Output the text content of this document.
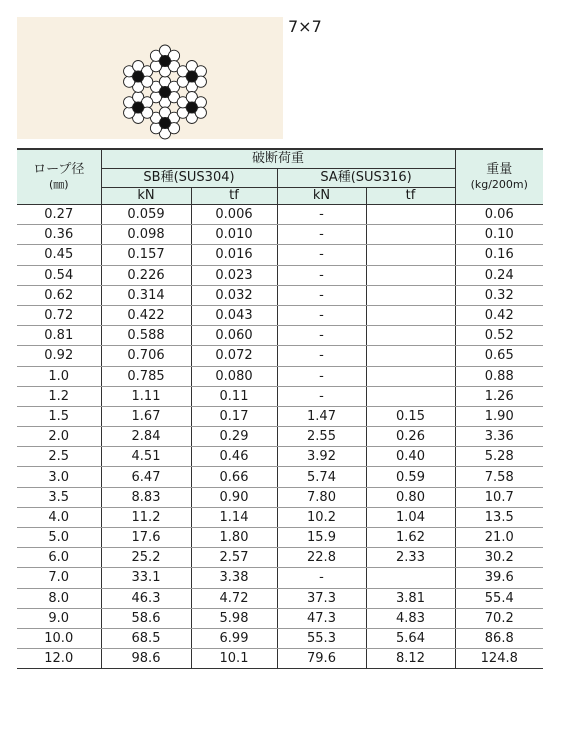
7×7
ロープ径
(㎜)	破断荷重				重量
(kg/200m)
	SB種(SUS304)		SA種(SUS316)		
	kN	tf	kN	tf	
0.27	0.059	0.006	-		0.06
0.36	0.098	0.010	-		0.10
0.45	0.157	0.016	-		0.16
0.54	0.226	0.023	-		0.24
0.62	0.314	0.032	-		0.32
0.72	0.422	0.043	-		0.42
0.81	0.588	0.060	-		0.52
0.92	0.706	0.072	-		0.65
1.0	0.785	0.080	-		0.88
1.2	1.11	0.11	-		1.26
1.5	1.67	0.17	1.47	0.15	1.90
2.0	2.84	0.29	2.55	0.26	3.36
2.5	4.51	0.46	3.92	0.40	5.28
3.0	6.47	0.66	5.74	0.59	7.58
3.5	8.83	0.90	7.80	0.80	10.7
4.0	11.2	1.14	10.2	1.04	13.5
5.0	17.6	1.80	15.9	1.62	21.0
6.0	25.2	2.57	22.8	2.33	30.2
7.0	33.1	3.38	-		39.6
8.0	46.3	4.72	37.3	3.81	55.4
9.0	58.6	5.98	47.3	4.83	70.2
10.0	68.5	6.99	55.3	5.64	86.8
12.0	98.6	10.1	79.6	8.12	124.8
